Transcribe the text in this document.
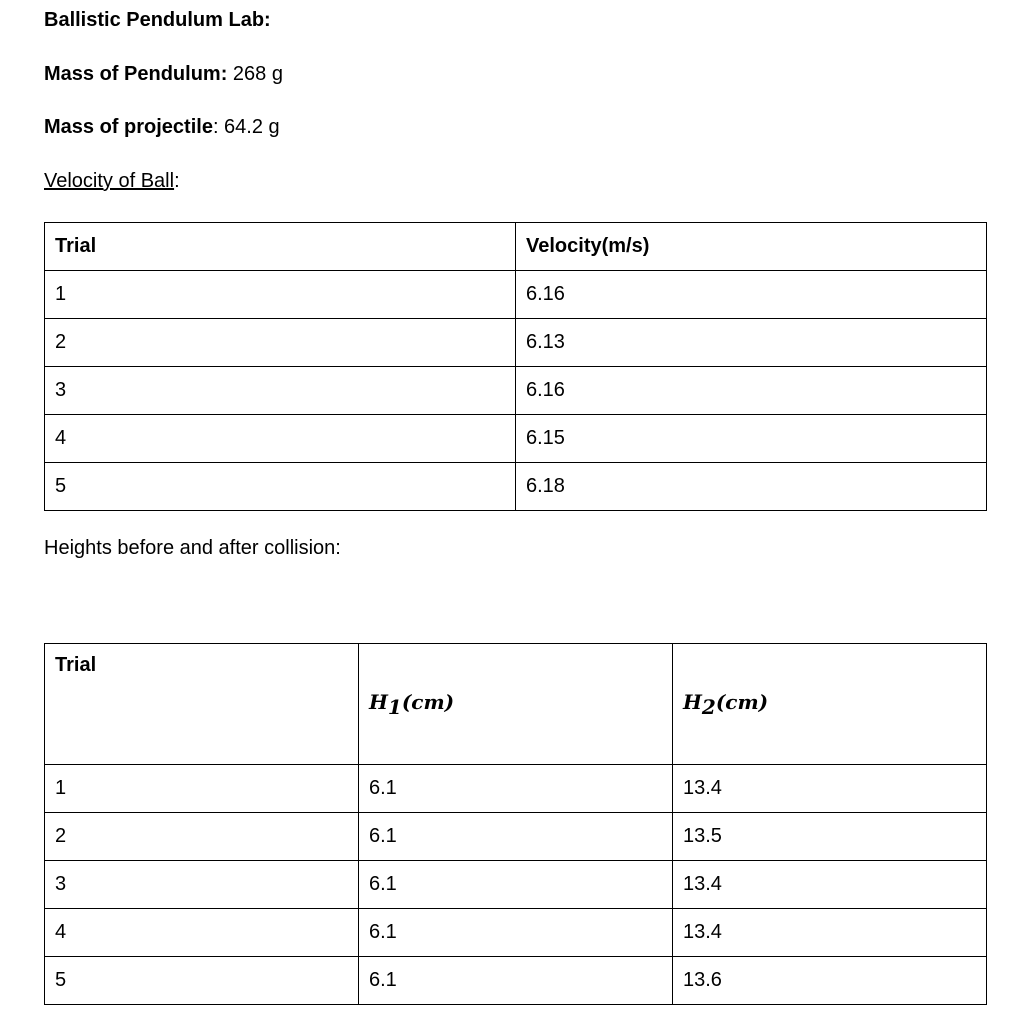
Ballistic Pendulum Lab:
Mass of Pendulum: 268 g
Mass of projectile: 64.2 g
Velocity of Ball:
Trial	Velocity(m/s)
1	6.16
2	6.13
3	6.16
4	6.15
5	6.18
Heights before and after collision:
Trial	$H_1(cm)$	$H_2(cm)$
1	6.1	13.4
2	6.1	13.5
3	6.1	13.4
4	6.1	13.4
5	6.1	13.6
